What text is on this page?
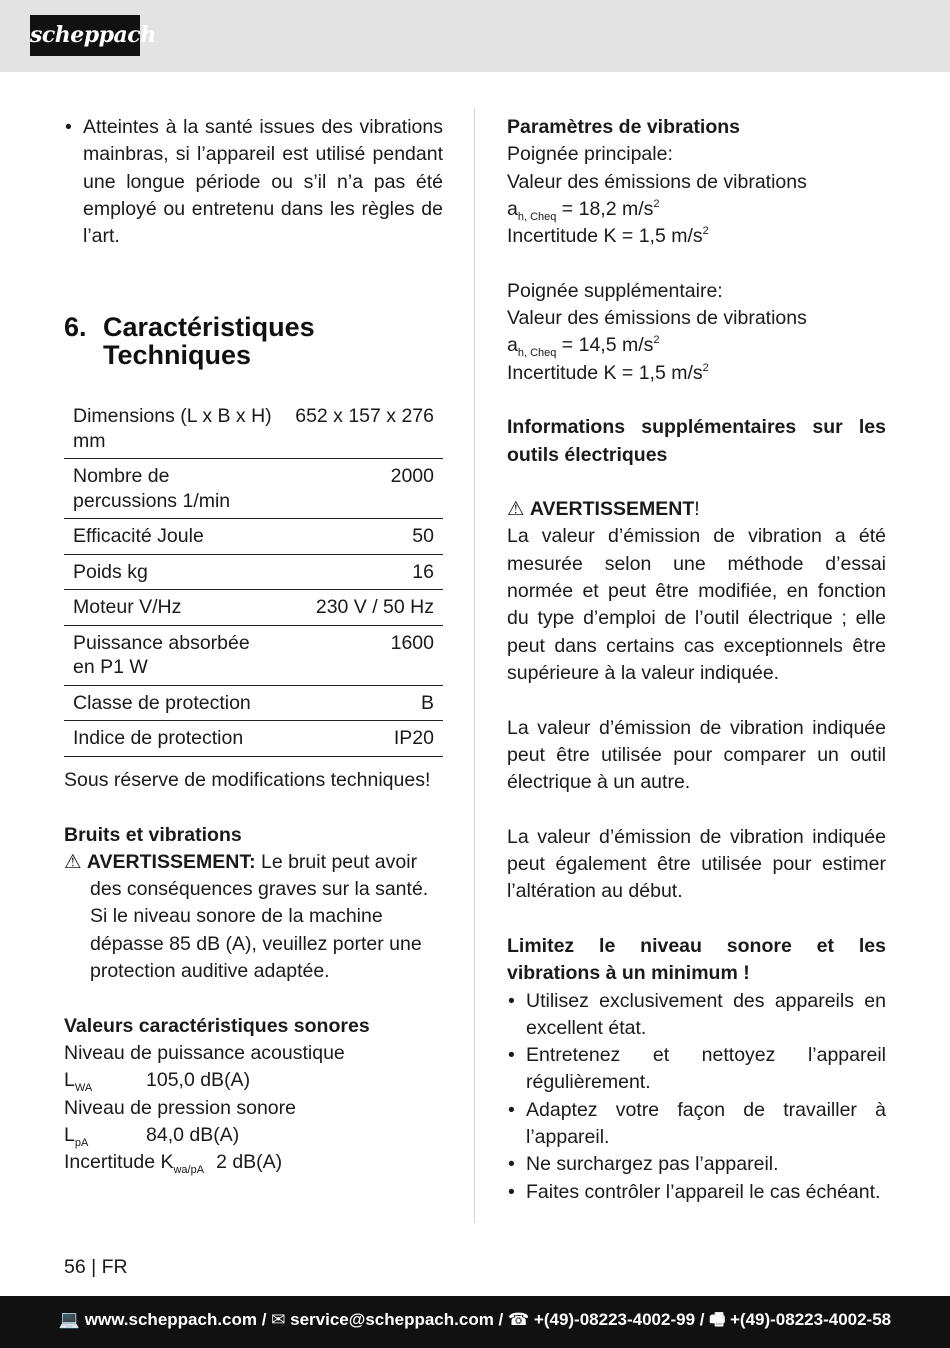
scheppach
• Atteintes à la santé issues des vibrations mainbras, si l’appareil est utilisé pendant une longue période ou s’il n’a pas été employé ou entretenu dans les règles de l’art.
6. Caractéristiques Techniques
Dimensions (L x B x H) mm	652 x 157 x 276
Nombre de percussions 1/min	2000
Efficacité Joule	50
Poids kg	16
Moteur V/Hz	230 V / 50 Hz
Puissance absorbée en P1 W	1600
Classe de protection	B
Indice de protection	IP20

Sous réserve de modifications techniques!

Bruits et vibrations

⚠ AVERTISSEMENT: Le bruit peut avoir des conséquences graves sur la santé. Si le niveau sonore de la machine dépasse 85 dB (A), veuillez porter une protection auditive adaptée.

Valeurs caractéristiques sonores

Niveau de puissance acoustique

$L_{WA}$	105,0 dB(A)

Niveau de pression sonore

$L_{pA}$	84,0 dB(A)
Incertitude $K_{wa/pA}$ 2 dB(A)

Paramètres de vibrations

Poignée principale:

Valeur des émissions de vibrations

$a_{h, Cheq} = 18,2$ $m/s^2$

Incertitude K = 1,5 $m/s^2$

Poignée supplémentaire:

Valeur des émissions de vibrations

$a_{h, Cheq} = 14,5$ $m/s^2$

Incertitude K = 1,5 $m/s^2$

Informations supplémentaires sur les outils électriques

⚠ AVERTISSEMENT!

La valeur d’émission de vibration a été mesurée selon une méthode d’essai normée et peut être modifiée, en fonction du type d’emploi de l’outil électrique ; elle peut dans certains cas exceptionnels être supérieure à la valeur indiquée.

La valeur d’émission de vibration indiquée peut être utilisée pour comparer un outil électrique à un autre.

La valeur d’émission de vibration indiquée peut également être utilisée pour estimer l’altération au début.

Limitez le niveau sonore et les vibrations à un minimum !

• Utilisez exclusivement des appareils en excellent état.
• Entretenez et nettoyez l’appareil régulièrement.
• Adaptez votre façon de travailler à l’appareil.
• Ne surchargez pas l’appareil.
• Faites contrôler l’appareil le cas échéant.
56 | FR
💻 www.scheppach.com / ✉ service@scheppach.com / ☎ +(49)-08223-4002-99 / 🖷 +(49)-08223-4002-58
